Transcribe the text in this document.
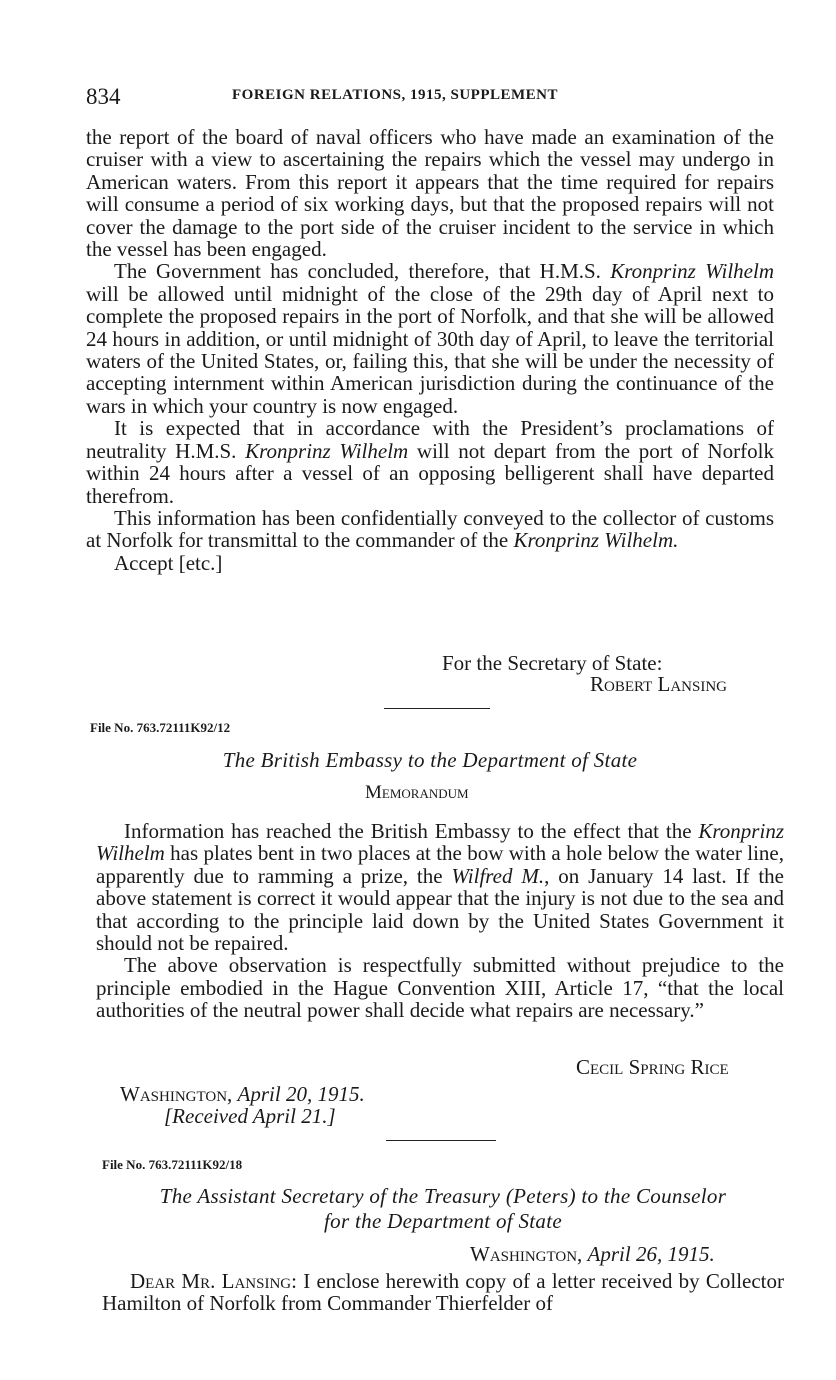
834	FOREIGN RELATIONS, 1915, SUPPLEMENT

the report of the board of naval officers who have made an examination of the cruiser with a view to ascertaining the repairs which the vessel may undergo in American waters. From this report it appears that the time required for repairs will consume a period of six working days, but that the proposed repairs will not cover the damage to the port side of the cruiser incident to the service in which the vessel has been engaged.

The Government has concluded, therefore, that H.M.S. Kronprinz Wilhelm will be allowed until midnight of the close of the 29th day of April next to complete the proposed repairs in the port of Norfolk, and that she will be allowed 24 hours in addition, or until midnight of 30th day of April, to leave the territorial waters of the United States, or, failing this, that she will be under the necessity of accepting internment within American jurisdiction during the continuance of the wars in which your country is now engaged.

It is expected that in accordance with the President’s proclamations of neutrality H.M.S. Kronprinz Wilhelm will not depart from the port of Norfolk within 24 hours after a vessel of an opposing belligerent shall have departed therefrom.

This information has been confidentially conveyed to the collector of customs at Norfolk for transmittal to the commander of the Kronprinz Wilhelm.

Accept [etc.]

For the Secretary of State:
Robert Lansing
File No. 763.72111K92/12
The British Embassy to the Department of State
Memorandum

Information has reached the British Embassy to the effect that the Kronprinz Wilhelm has plates bent in two places at the bow with a hole below the water line, apparently due to ramming a prize, the Wilfred M., on January 14 last. If the above statement is correct it would appear that the injury is not due to the sea and that according to the principle laid down by the United States Government it should not be repaired.

The above observation is respectfully submitted without prejudice to the principle embodied in the Hague Convention XIII, Article 17, “that the local authorities of the neutral power shall decide what repairs are necessary.”

Cecil Spring Rice
Washington, April 20, 1915.
[Received April 21.]
File No. 763.72111K92/18
The Assistant Secretary of the Treasury (Peters) to the Counselor
for the Department of State
Washington, April 26, 1915.

Dear Mr. Lansing: I enclose herewith copy of a letter received by Collector Hamilton of Norfolk from Commander Thierfelder of
